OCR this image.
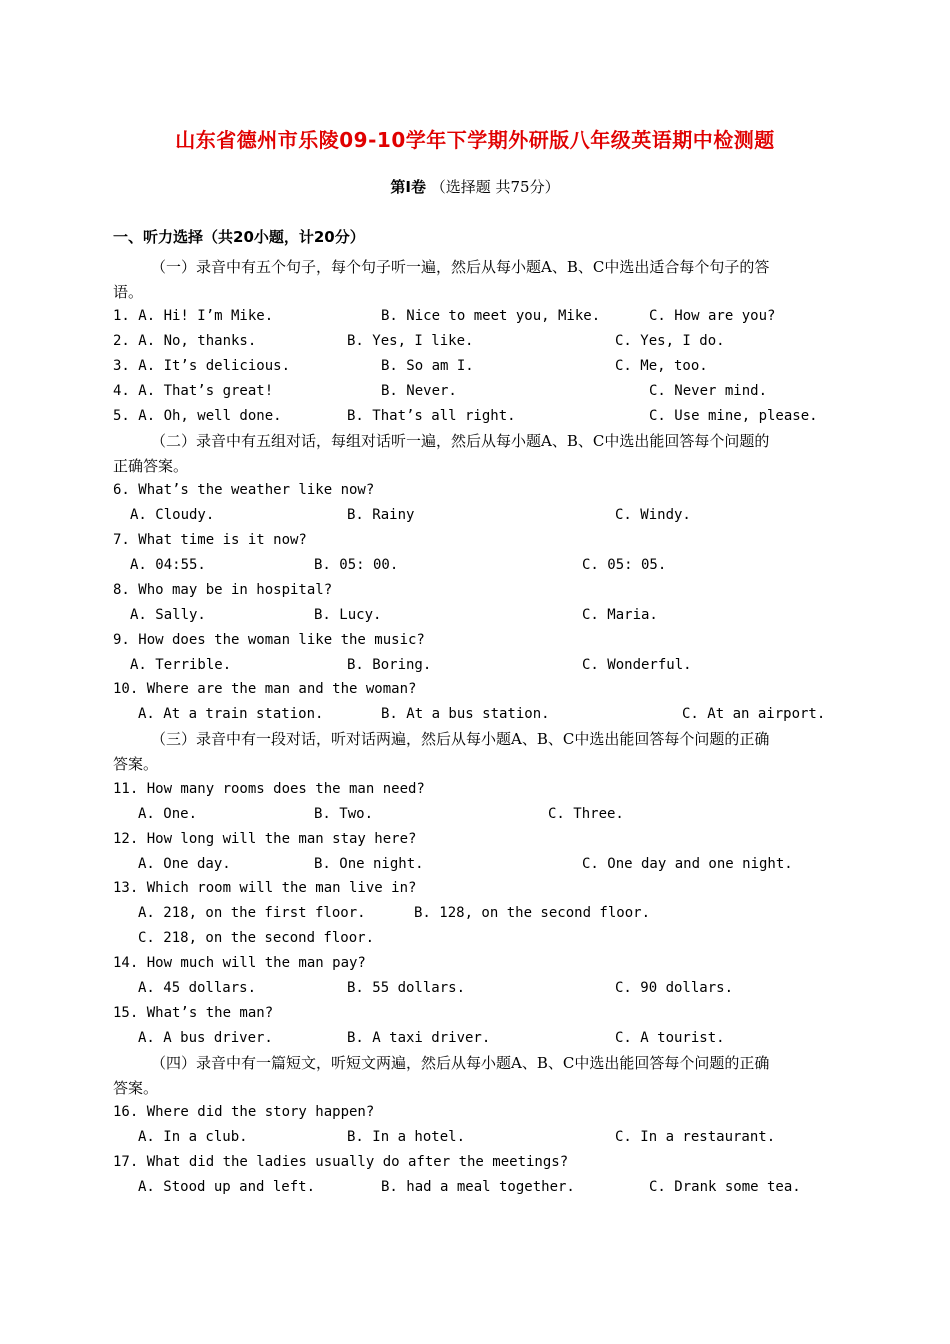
山东省德州市乐陵09-10学年下学期外研版八年级英语期中检测题
第Ⅰ卷 （选择题 共75分）
一、听力选择（共20小题，计20分）
（一）录音中有五个句子，每个句子听一遍，然后从每小题A、B、C中选出适合每个句子的答
语。
1. A. Hi! I’m Mike.	B. Nice to meet you, Mike.	C. How are you?
2. A. No, thanks.	B. Yes, I like.	C. Yes, I do.
3. A. It’s delicious.	B. So am I.	C. Me, too.
4. A. That’s great!	B. Never.	C. Never mind.
5. A. Oh, well done.	B. That’s all right.	C. Use mine, please.
（二）录音中有五组对话，每组对话听一遍，然后从每小题A、B、C中选出能回答每个问题的
正确答案。
6. What’s the weather like now?
A. Cloudy.	B. Rainy	C. Windy.
7. What time is it now?
A. 04:55.	B. 05: 00.	C. 05: 05.
8. Who may be in hospital?
A. Sally.	B. Lucy.	C. Maria.
9. How does the woman like the music?
A. Terrible.	B. Boring.	C. Wonderful.
10. Where are the man and the woman?
A. At a train station.	B. At a bus station.	C. At an airport.
（三）录音中有一段对话，听对话两遍，然后从每小题A、B、C中选出能回答每个问题的正确
答案。
11. How many rooms does the man need?
A. One.	B. Two.	C. Three.
12. How long will the man stay here?
A. One day.	B. One night.	C. One day and one night.
13. Which room will the man live in?
A. 218, on the first floor.	B. 128, on the second floor.
C. 218, on the second floor.
14. How much will the man pay?
A. 45 dollars.	B. 55 dollars.	C. 90 dollars.
15. What’s the man?
A. A bus driver.	B. A taxi driver.	C. A tourist.
（四）录音中有一篇短文，听短文两遍，然后从每小题A、B、C中选出能回答每个问题的正确
答案。
16. Where did the story happen?
A. In a club.	B. In a hotel.	C. In a restaurant.
17. What did the ladies usually do after the meetings?
A. Stood up and left.	B. had a meal together.	C. Drank some tea.
